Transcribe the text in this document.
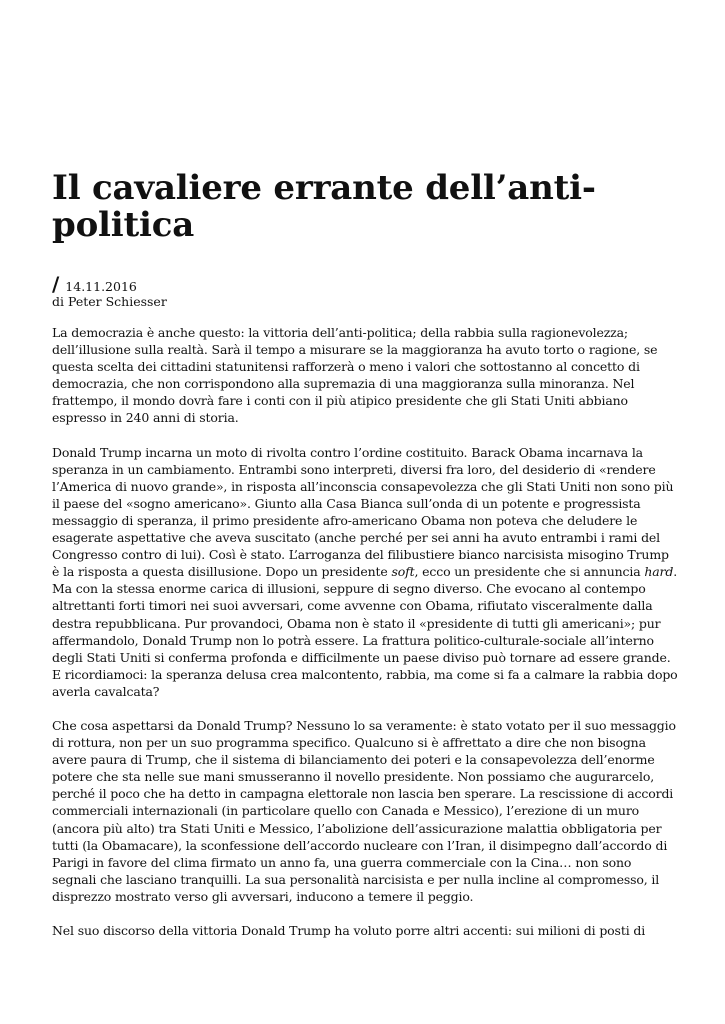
Il cavaliere errante dell’anti-politica
/ 14.11.2016
di Peter Schiesser

La democrazia è anche questo: la vittoria dell’anti-politica; della rabbia sulla ragionevolezza; dell’illusione sulla realtà. Sarà il tempo a misurare se la maggioranza ha avuto torto o ragione, se questa scelta dei cittadini statunitensi rafforzerà o meno i valori che sottostanno al concetto di democrazia, che non corrispondono alla supremazia di una maggioranza sulla minoranza. Nel frattempo, il mondo dovrà fare i conti con il più atipico presidente che gli Stati Uniti abbiano espresso in 240 anni di storia.

Donald Trump incarna un moto di rivolta contro l’ordine costituito. Barack Obama incarnava la speranza in un cambiamento. Entrambi sono interpreti, diversi fra loro, del desiderio di «rendere l’America di nuovo grande», in risposta all’inconscia consapevolezza che gli Stati Uniti non sono più il paese del «sogno americano». Giunto alla Casa Bianca sull’onda di un potente e progressista messaggio di speranza, il primo presidente afro-americano Obama non poteva che deludere le esagerate aspettative che aveva suscitato (anche perché per sei anni ha avuto entrambi i rami del Congresso contro di lui). Così è stato. L’arroganza del filibustiere bianco narcisista misogino Trump è la risposta a questa disillusione. Dopo un presidente soft, ecco un presidente che si annuncia hard. Ma con la stessa enorme carica di illusioni, seppure di segno diverso. Che evocano al contempo altrettanti forti timori nei suoi avversari, come avvenne con Obama, rifiutato visceralmente dalla destra repubblicana. Pur provandoci, Obama non è stato il «presidente di tutti gli americani»; pur affermandolo, Donald Trump non lo potrà essere. La frattura politico-culturale-sociale all’interno degli Stati Uniti si conferma profonda e difficilmente un paese diviso può tornare ad essere grande. E ricordiamoci: la speranza delusa crea malcontento, rabbia, ma come si fa a calmare la rabbia dopo averla cavalcata?

Che cosa aspettarsi da Donald Trump? Nessuno lo sa veramente: è stato votato per il suo messaggio di rottura, non per un suo programma specifico. Qualcuno si è affrettato a dire che non bisogna avere paura di Trump, che il sistema di bilanciamento dei poteri e la consapevolezza dell’enorme potere che sta nelle sue mani smusseranno il novello presidente. Non possiamo che augurarcelo, perché il poco che ha detto in campagna elettorale non lascia ben sperare. La rescissione di accordi commerciali internazionali (in particolare quello con Canada e Messico), l’erezione di un muro (ancora più alto) tra Stati Uniti e Messico, l’abolizione dell’assicurazione malattia obbligatoria per tutti (la Obamacare), la sconfessione dell’accordo nucleare con l’Iran, il disimpegno dall’accordo di Parigi in favore del clima firmato un anno fa, una guerra commerciale con la Cina… non sono segnali che lasciano tranquilli. La sua personalità narcisista e per nulla incline al compromesso, il disprezzo mostrato verso gli avversari, inducono a temere il peggio.

Nel suo discorso della vittoria Donald Trump ha voluto porre altri accenti: sui milioni di posti di
